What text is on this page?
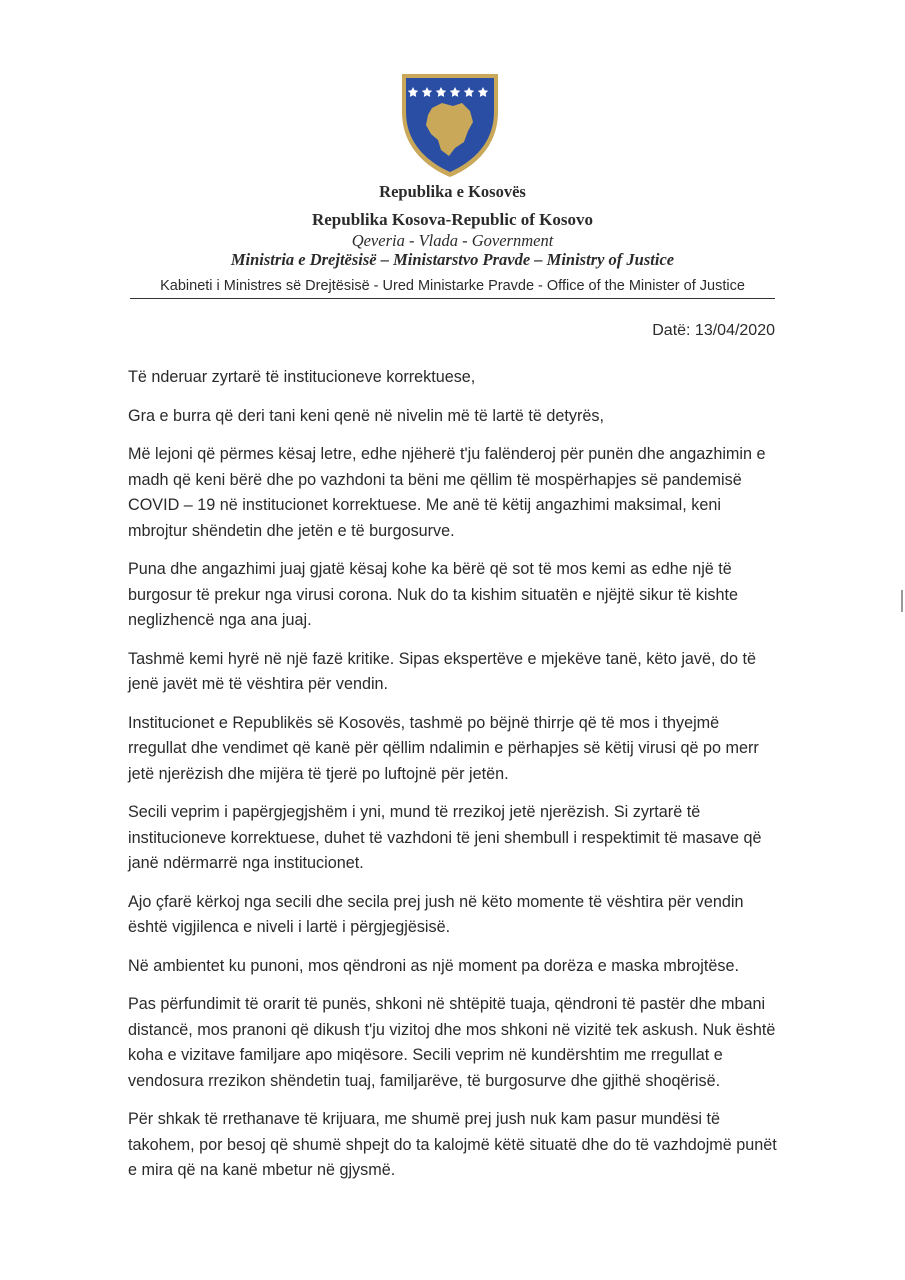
Republika e Kosovës
Republika Kosova-Republic of Kosovo
Qeveria - Vlada - Government
Ministria e Drejtësisë – Ministarstvo Pravde – Ministry of Justice
Kabineti i Ministres së Drejtësisë - Ured Ministarke Pravde - Office of the Minister of Justice
Datë: 13/04/2020

Të nderuar zyrtarë të institucioneve korrektuese,

Gra e burra që deri tani keni qenë në nivelin më të lartë të detyrës,

Më lejoni që përmes kësaj letre, edhe njëherë t'ju falënderoj për punën dhe angazhimin e madh që keni bërë dhe po vazhdoni ta bëni me qëllim të mospërhapjes së pandemisë COVID – 19 në institucionet korrektuese. Me anë të këtij angazhimi maksimal, keni mbrojtur shëndetin dhe jetën e të burgosurve.

Puna dhe angazhimi juaj gjatë kësaj kohe ka bërë që sot të mos kemi as edhe një të burgosur të prekur nga virusi corona. Nuk do ta kishim situatën e njëjtë sikur të kishte neglizhencë nga ana juaj.

Tashmë kemi hyrë në një fazë kritike. Sipas ekspertëve e mjekëve tanë, këto javë, do të jenë javët më të vështira për vendin.

Institucionet e Republikës së Kosovës, tashmë po bëjnë thirrje që të mos i thyejmë rregullat dhe vendimet që kanë për qëllim ndalimin e përhapjes së këtij virusi që po merr jetë njerëzish dhe mijëra të tjerë po luftojnë për jetën.

Secili veprim i papërgjegjshëm i yni, mund të rrezikoj jetë njerëzish. Si zyrtarë të institucioneve korrektuese, duhet të vazhdoni të jeni shembull i respektimit të masave që janë ndërmarrë nga institucionet.

Ajo çfarë kërkoj nga secili dhe secila prej jush në këto momente të vështira për vendin është vigjilenca e niveli i lartë i përgjegjësisë.

Në ambientet ku punoni, mos qëndroni as një moment pa dorëza e maska mbrojtëse.

Pas përfundimit të orarit të punës, shkoni në shtëpitë tuaja, qëndroni të pastër dhe mbani distancë, mos pranoni që dikush t'ju vizitoj dhe mos shkoni në vizitë tek askush. Nuk është koha e vizitave familjare apo miqësore. Secili veprim në kundërshtim me rregullat e vendosura rrezikon shëndetin tuaj, familjarëve, të burgosurve dhe gjithë shoqërisë.

Për shkak të rrethanave të krijuara, me shumë prej jush nuk kam pasur mundësi të takohem, por besoj që shumë shpejt do ta kalojmë këtë situatë dhe do të vazhdojmë punët e mira që na kanë mbetur në gjysmë.
